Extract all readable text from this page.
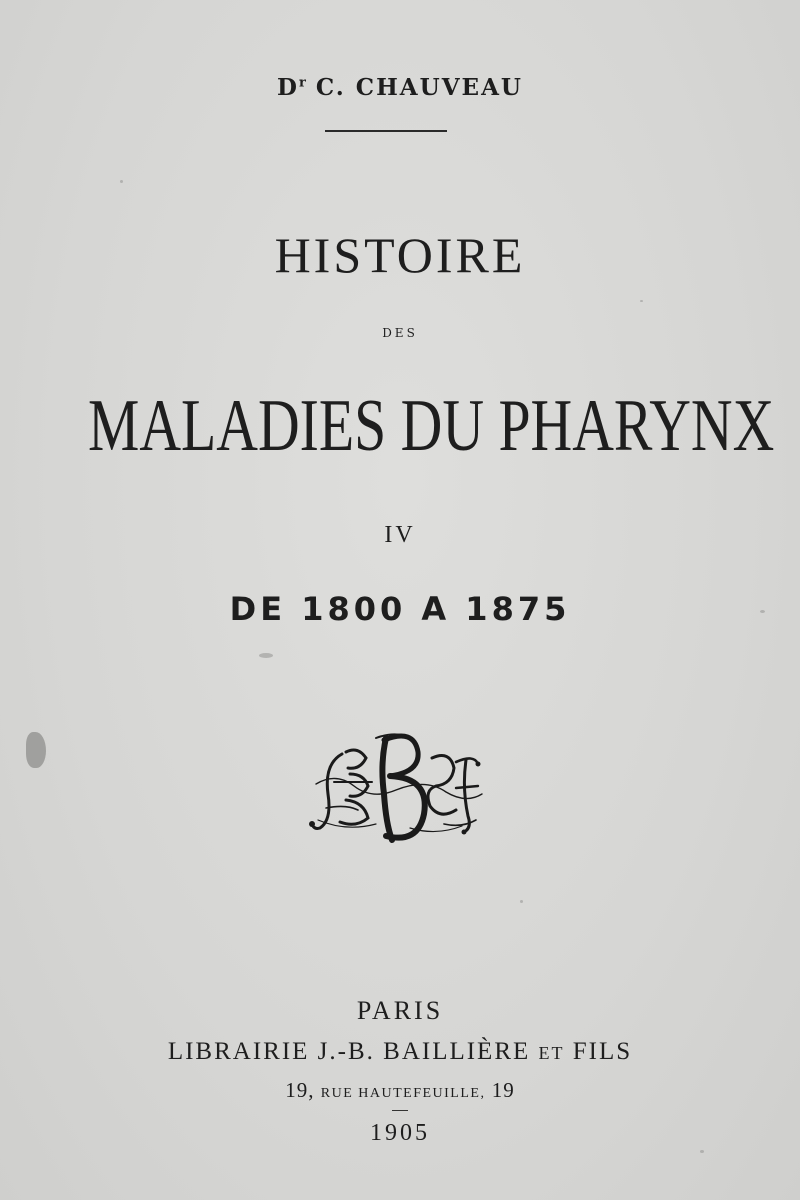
$D^r$ C. CHAUVEAU
HISTOIRE
DES
MALADIES DU PHARYNX
IV
DE 1800 A 1875
PARIS
LIBRAIRIE J.-B. BAILLIÈRE ET FILS
19, RUE HAUTEFEUILLE, 19
1905
